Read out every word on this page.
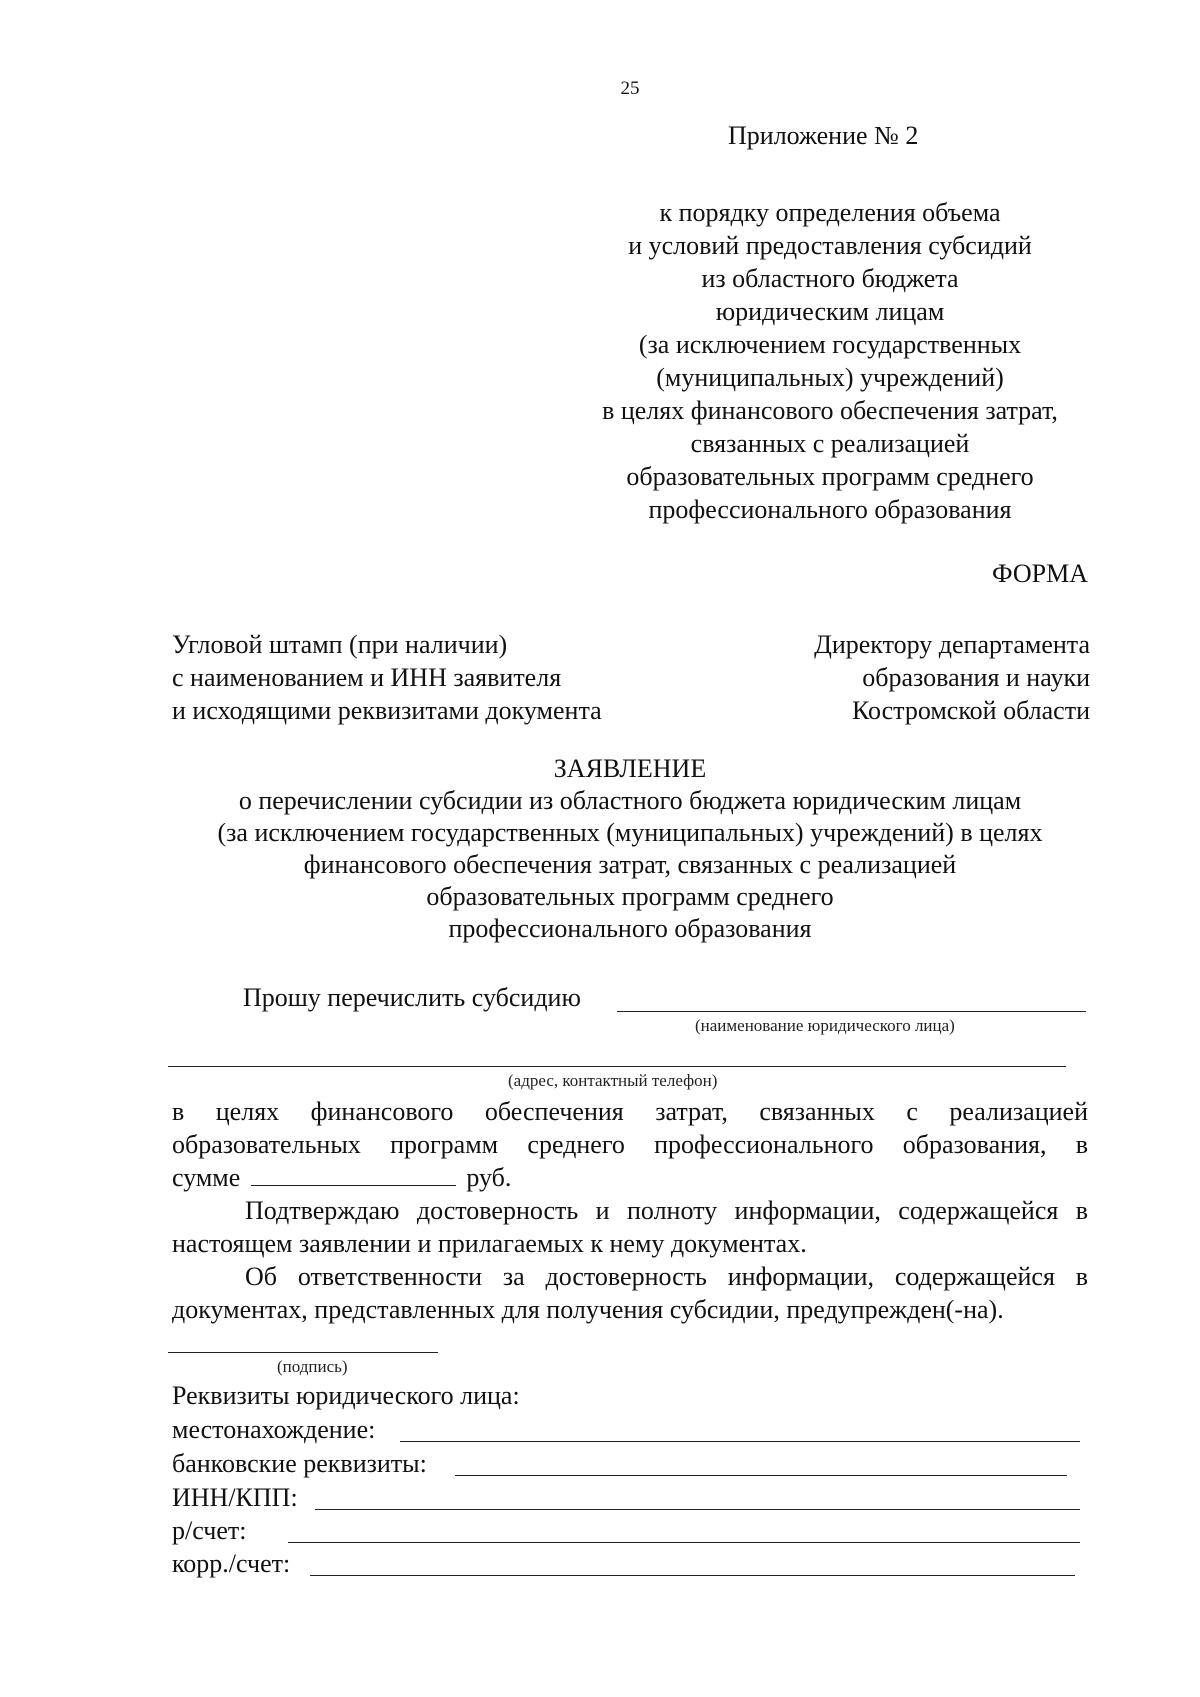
25
Приложение № 2
к порядку определения объема
и условий предоставления субсидий
из областного бюджета
юридическим лицам
(за исключением государственных
(муниципальных) учреждений)
в целях финансового обеспечения затрат,
связанных с реализацией
образовательных программ среднего
профессионального образования
ФОРМА
Угловой штамп (при наличии)
с наименованием и ИНН заявителя
и исходящими реквизитами документа
Директору департамента
образования и науки
Костромской области
ЗАЯВЛЕНИЕ
о перечислении субсидии из областного бюджета юридическим лицам
(за исключением государственных (муниципальных) учреждений) в целях
финансового обеспечения затрат, связанных с реализацией
образовательных программ среднего
профессионального образования
Прошу перечислить субсидию
(наименование юридического лица)
(адрес, контактный телефон)
в целях финансового обеспечения затрат, связанных с реализацией
образовательных программ среднего профессионального образования, в
сумме	руб.
Подтверждаю достоверность и полноту информации, содержащейся в настоящем заявлении и прилагаемых к нему документах.
Об ответственности за достоверность информации, содержащейся в документах, представленных для получения субсидии, предупрежден(-на).
(подпись)
Реквизиты юридического лица:
местонахождение:
банковские реквизиты:
ИНН/КПП:
р/счет:
корр./счет:
